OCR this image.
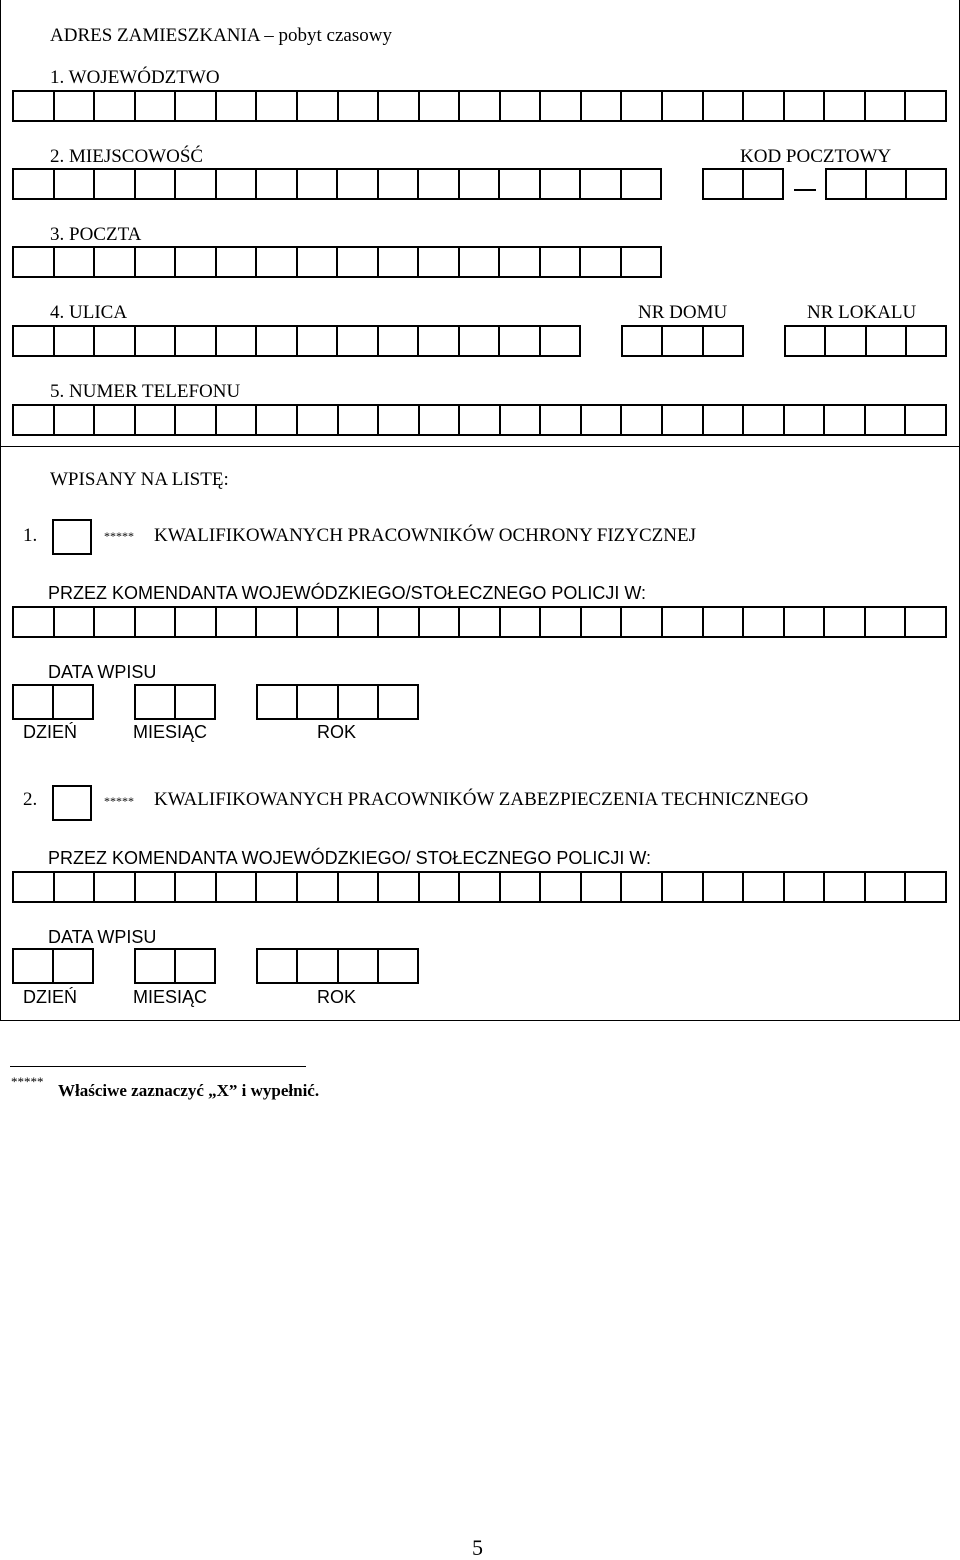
ADRES ZAMIESZKANIA – pobyt czasowy
1. WOJEWÓDZTWO
2. MIEJSCOWOŚĆ	KOD POCZTOWY
3. POCZTA
4. ULICA	NR DOMU	NR LOKALU
5. NUMER TELEFONU
WPISANY NA LISTĘ:
1.	***** KWALIFIKOWANYCH PRACOWNIKÓW OCHRONY FIZYCZNEJ
PRZEZ KOMENDANTA WOJEWÓDZKIEGO/STOŁECZNEGO POLICJI W:
DATA WPISU
DZIEŃ	MIESIĄC	ROK
2.	***** KWALIFIKOWANYCH PRACOWNIKÓW ZABEZPIECZENIA TECHNICZNEGO
PRZEZ KOMENDANTA WOJEWÓDZKIEGO/ STOŁECZNEGO POLICJI W:
DATA WPISU
DZIEŃ	MIESIĄC	ROK
***** Właściwe zaznaczyć „X” i wypełnić.
5
